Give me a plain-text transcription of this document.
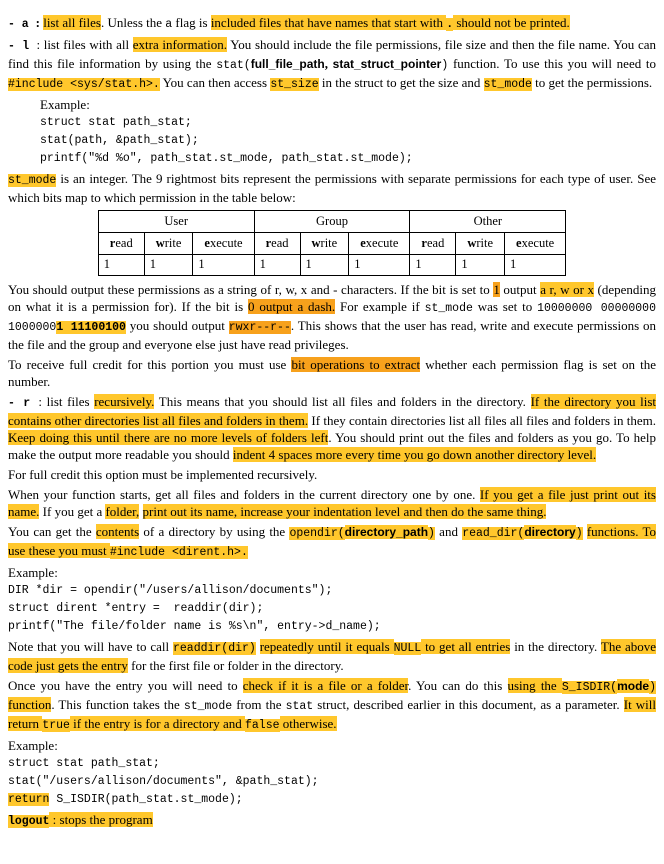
- a : list all files. Unless the a flag is included files that have names that start with . should not be printed.

- l : list files with all extra information. You should include the file permissions, file size and then the file name. You can find this file information by using the stat(full_file_path, stat_struct_pointer) function. To use this you will need to #include <sys/stat.h>. You can then access st_size in the struct to get the size and st_mode to get the permissions.

Example:

struct stat path_stat;
stat(path, &path_stat);
printf("%d %o", path_stat.st_mode, path_stat.st_mode);

st_mode is an integer. The 9 rightmost bits represent the permissions with separate permissions for each type of user. See which bits map to which permission in the table below:

User			Group			Other		
read	write	execute	read	write	execute	read	write	execute
1	1	1	1	1	1	1	1	1

You should output these permissions as a string of r, w, x and - characters. If the bit is set to 1 output a r, w or x (depending on what it is a permission for). If the bit is 0 output a dash. For example if st_mode was set to 10000000 00000000 10000001 11100100 you should output rwxr--r--. This shows that the user has read, write and execute permissions on the file and the group and everyone else just have read privileges.

To receive full credit for this portion you must use bit operations to extract whether each permission flag is set on the number.

- r : list files recursively. This means that you should list all files and folders in the directory. If the directory you list contains other directories list all files and folders in them. If they contain directories list all files all files and folders in them. Keep doing this until there are no more levels of folders left. You should print out the files and folders as you go. To help make the output more readable you should indent 4 spaces more every time you go down another directory level.

For full credit this option must be implemented recursively.

When your function starts, get all files and folders in the current directory one by one. If you get a file just print out its name. If you get a folder, print out its name, increase your indentation level and then do the same thing.

You can get the contents of a directory by using the opendir(directory_path) and read_dir(directory) functions. To use these you must #include <dirent.h>.

Example:

DIR *dir = opendir("/users/allison/documents");
struct dirent *entry =  readdir(dir);
printf("The file/folder name is %s\n", entry->d_name);

Note that you will have to call readdir(dir) repeatedly until it equals NULL to get all entries in the directory. The above code just gets the entry for the first file or folder in the directory.

Once you have the entry you will need to check if it is a file or a folder. You can do this using the S_ISDIR(mode) function. This function takes the st_mode from the stat struct, described earlier in this document, as a parameter. It will return true if the entry is for a directory and false otherwise.

Example:

struct stat path_stat;
stat("/users/allison/documents", &path_stat);
return S_ISDIR(path_stat.st_mode);

logout : stops the program
